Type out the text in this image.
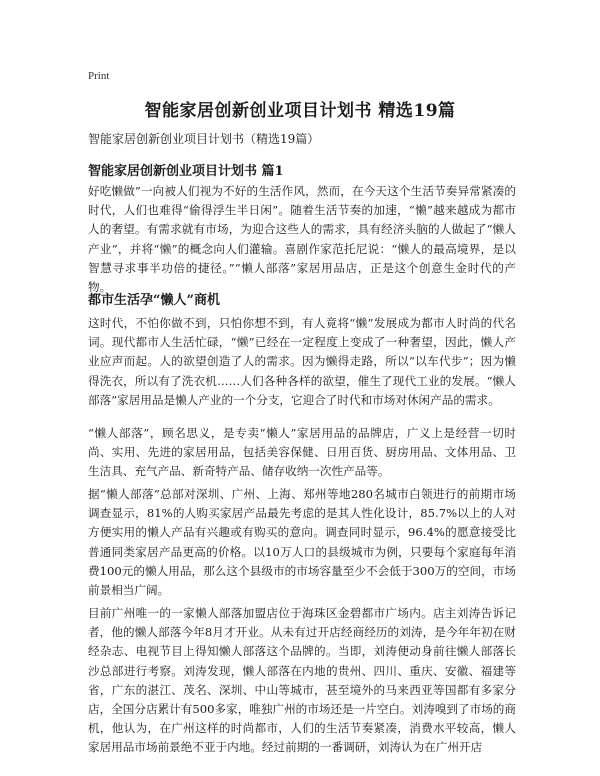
Print
智能家居创新创业项目计划书 精选19篇

智能家居创新创业项目计划书（精选19篇）

智能家居创新创业项目计划书 篇1

好吃懒做”一向被人们视为不好的生活作风，然而，在今天这个生活节奏异常紧凑的时代，人们也难得“偷得浮生半日闲”。随着生活节奏的加速，“懒”越来越成为都市人的奢望。有需求就有市场，为迎合这些人的需求，具有经济头脑的人做起了“懒人产业”，并将“懒”的概念向人们灌输。喜剧作家范托尼说：“懒人的最高境界，是以智慧寻求事半功倍的捷径。”“懒人部落”家居用品店，正是这个创意生金时代的产物。

都市生活孕“懒人”商机

这时代，不怕你做不到，只怕你想不到，有人竟将“懒”发展成为都市人时尚的代名词。现代都市人生活忙碌，“懒”已经在一定程度上变成了一种奢望，因此，懒人产业应声而起。人的欲望创造了人的需求。因为懒得走路，所以“以车代步”；因为懒得洗衣，所以有了洗衣机……人们各种各样的欲望，催生了现代工业的发展。“懒人部落”家居用品是懒人产业的一个分支，它迎合了时代和市场对休闲产品的需求。

“懒人部落”，顾名思义，是专卖“懒人”家居用品的品牌店，广义上是经营一切时尚、实用、先进的家居用品，包括美容保健、日用百货、厨房用品、文体用品、卫生洁具、充气产品、新奇特产品、储存收纳一次性产品等。

据“懒人部落”总部对深圳、广州、上海、郑州等地280名城市白领进行的前期市场调查显示，81%的人购买家居产品最先考虑的是其人性化设计，85.7%以上的人对方便实用的懒人产品有兴趣或有购买的意向。调查同时显示，96.4%的愿意接受比普通同类家居产品更高的价格。以10万人口的县级城市为例，只要每个家庭每年消费100元的懒人用品，那么这个县级市的市场容量至少不会低于300万的空间，市场前景相当广阔。

目前广州唯一的一家懒人部落加盟店位于海珠区金碧都市广场内。店主刘涛告诉记者，他的懒人部落今年8月才开业。从未有过开店经商经历的刘涛，是今年年初在财经杂志、电视节目上得知懒人部落这个品牌的。当即，刘涛便动身前往懒人部落长沙总部进行考察。刘涛发现，懒人部落在内地的贵州、四川、重庆、安徽、福建等省，广东的湛江、茂名、深圳、中山等城市，甚至境外的马来西亚等国都有多家分店，全国分店累计有500多家，唯独广州的市场还是一片空白。刘涛嗅到了市场的商机，他认为，在广州这样的时尚都市，人们的生活节奏紧凑，消费水平较高，懒人家居用品市场前景绝不亚于内地。经过前期的一番调研，刘涛认为在广州开店
